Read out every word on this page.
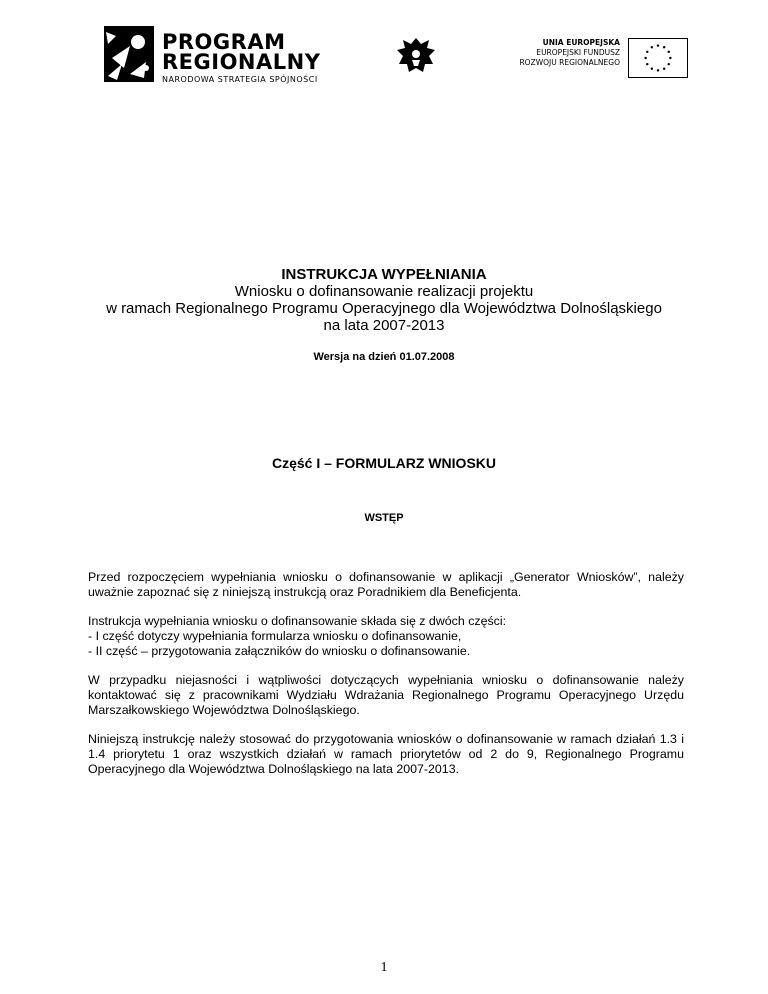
PROGRAM
REGIONALNY
NARODOWA STRATEGIA SPÓJNOŚCI
UNIA EUROPEJSKA
EUROPEJSKI FUNDUSZ
ROZWOJU REGIONALNEGO
INSTRUKCJA WYPEŁNIANIA
Wniosku o dofinansowanie realizacji projektu
w ramach Regionalnego Programu Operacyjnego dla Województwa Dolnośląskiego
na lata 2007-2013
Wersja na dzień 01.07.2008
Część I – FORMULARZ WNIOSKU
WSTĘP

Przed rozpoczęciem wypełniania wniosku o dofinansowanie w aplikacji „Generator Wniosków”, należy uważnie zapoznać się z niniejszą instrukcją oraz Poradnikiem dla Beneficjenta.

Instrukcja wypełniania wniosku o dofinansowanie składa się z dwóch części:
- I część dotyczy wypełniania formularza wniosku o dofinansowanie,
- II część – przygotowania załączników do wniosku o dofinansowanie.

W przypadku niejasności i wątpliwości dotyczących wypełniania wniosku o dofinansowanie należy kontaktować się z pracownikami Wydziału Wdrażania Regionalnego Programu Operacyjnego Urzędu Marszałkowskiego Województwa Dolnośląskiego.

Niniejszą instrukcję należy stosować do przygotowania wniosków o dofinansowanie w ramach działań 1.3 i 1.4 priorytetu 1 oraz wszystkich działań w ramach priorytetów od 2 do 9, Regionalnego Programu Operacyjnego dla Województwa Dolnośląskiego na lata 2007-2013.

1
